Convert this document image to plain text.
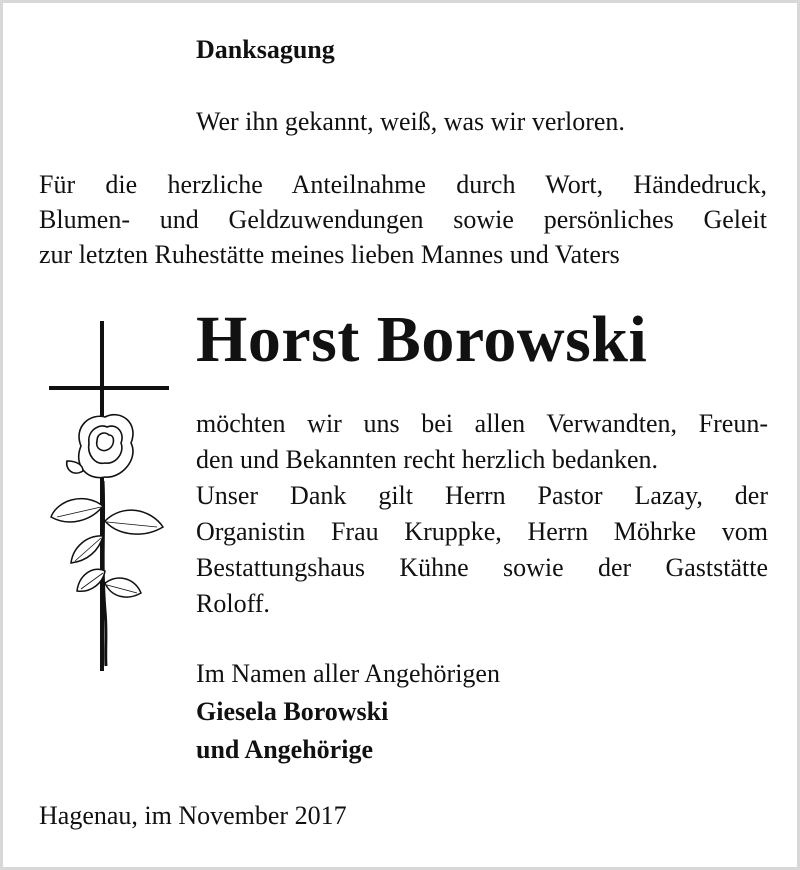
Danksagung
Wer ihn gekannt, weiß, was wir verloren.
Für die herzliche Anteilnahme durch Wort, Händedruck,
Blumen- und Geldzuwendungen sowie persönliches Geleit
zur letzten Ruhestätte meines lieben Mannes und Vaters
Horst Borowski
möchten wir uns bei allen Verwandten, Freun-
den und Bekannten recht herzlich bedanken.
Unser Dank gilt Herrn Pastor Lazay, der
Organistin Frau Kruppke, Herrn Möhrke vom
Bestattungshaus Kühne sowie der Gaststätte
Roloff.
Im Namen aller Angehörigen
Giesela Borowski
und Angehörige
Hagenau, im November 2017
